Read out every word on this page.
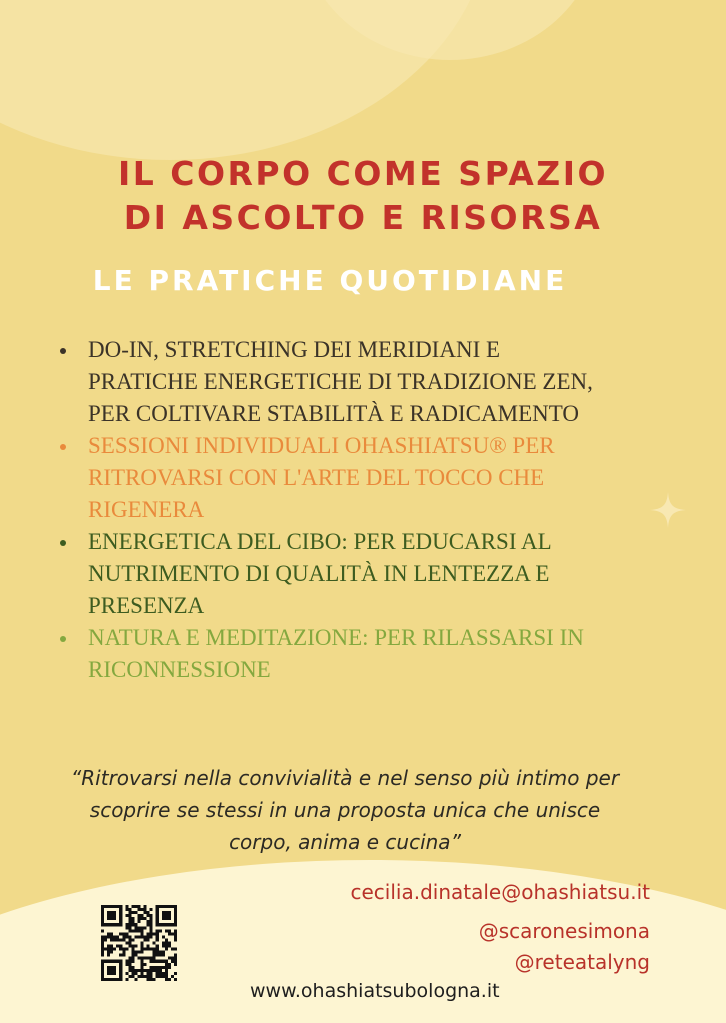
IL CORPO COME SPAZIO
DI ASCOLTO E RISORSA
LE PRATICHE QUOTIDIANE
DO-IN, STRETCHING DEI MERIDIANI E PRATICHE ENERGETICHE DI TRADIZIONE ZEN, PER COLTIVARE STABILITÀ E RADICAMENTO
SESSIONI INDIVIDUALI OHASHIATSU® PER RITROVARSI CON L'ARTE DEL TOCCO CHE RIGENERA
ENERGETICA DEL CIBO: PER EDUCARSI AL NUTRIMENTO DI QUALITÀ IN LENTEZZA E PRESENZA
NATURA E MEDITAZIONE: PER RILASSARSI IN RICONNESSIONE

“Ritrovarsi nella convivialità e nel senso più intimo per scoprire se stessi in una proposta unica che unisce corpo, anima e cucina”

cecilia.dinatale@ohashiatsu.it

@scaronesimona

@reteatalyng

www.ohashiatsubologna.it
